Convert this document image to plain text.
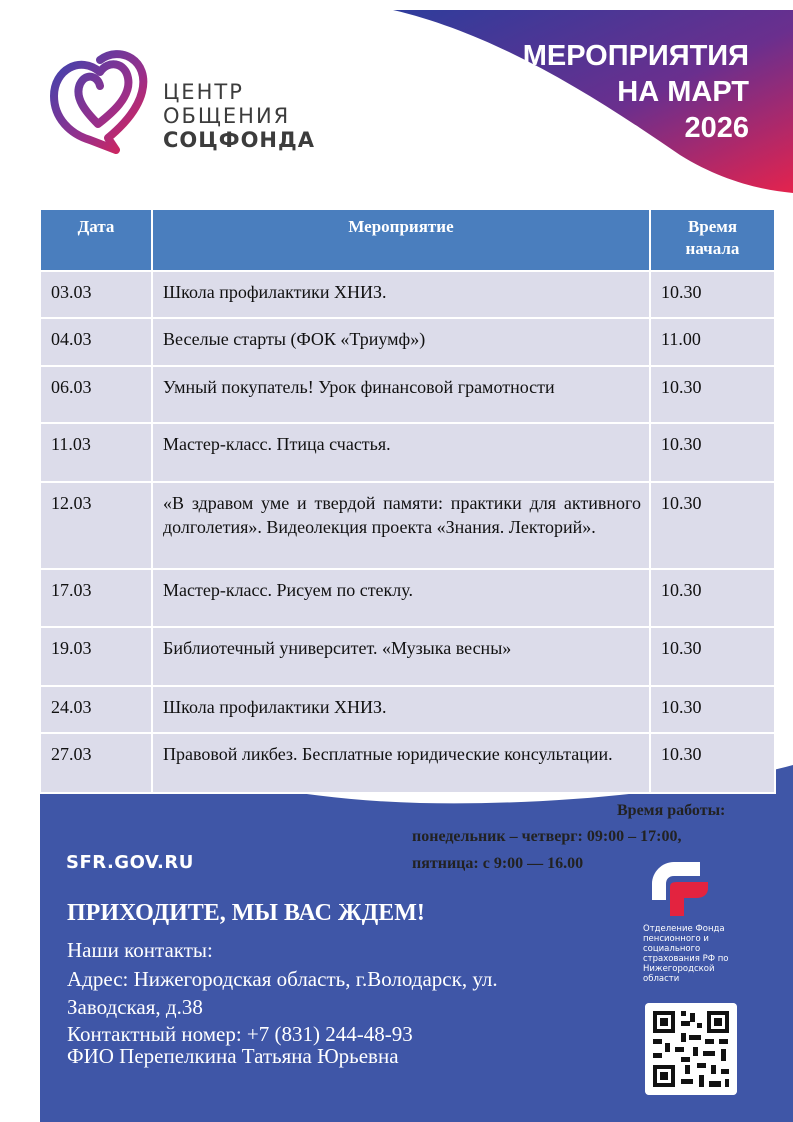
МЕРОПРИЯТИЯ
НА МАРТ
2026
ЦЕНТР
ОБЩЕНИЯ
СОЦФОНДА
Дата	Мероприятие	Время начала
03.03	Школа профилактики ХНИЗ.	10.30
04.03	Веселые старты (ФОК «Триумф»)	11.00
06.03	Умный покупатель! Урок финансовой грамотности	10.30
11.03	Мастер-класс. Птица счастья.	10.30
12.03	«В здравом уме и твердой памяти: практики для активного долголетия». Видеолекция проекта «Знания. Лекторий».	10.30
17.03	Мастер-класс. Рисуем по стеклу.	10.30
19.03	Библиотечный университет. «Музыка весны»	10.30
24.03	Школа профилактики ХНИЗ.	10.30
27.03	Правовой ликбез. Бесплатные юридические консультации.	10.30
Время работы:
понедельник – четверг: 09:00 – 17:00,
пятница: с 9:00 — 16.00
SFR.GOV.RU
ПРИХОДИТЕ, МЫ ВАС ЖДЕМ!
Наши контакты:
Адрес: Нижегородская область, г.Володарск, ул.
Заводская, д.38
Контактный номер: +7 (831) 244-48-93
ФИО Перепелкина Татьяна Юрьевна
Отделение Фонда пенсионного и социального страхования РФ по Нижегородской области
